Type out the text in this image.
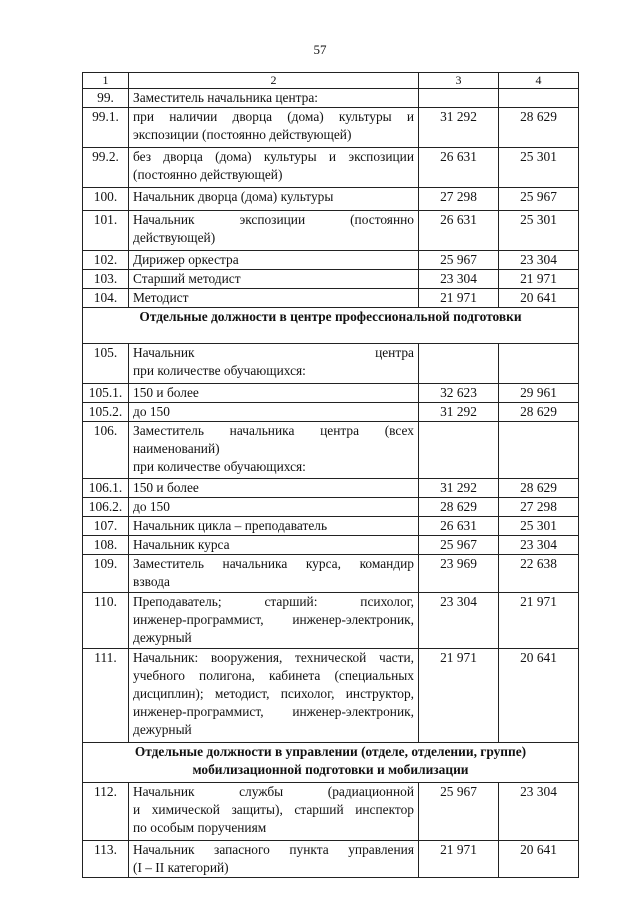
57
1	2	3	4
99.	Заместитель начальника центра:		

99.1.	при наличии дворца (дома) культуры и
экспозиции (постоянно действующей)	31 292	28 629
99.2.	без дворца (дома) культуры и экспозиции
(постоянно действующей)	26 631	25 301
100.	Начальник дворца (дома) культуры	27 298	25 967
101.	Начальник экспозиции (постоянно
действующей)	26 631	25 301
102.	Дирижер оркестра	25 967	23 304
103.	Старший методист	23 304	21 971
104.	Методист	21 971	20 641

Отдельные должности в центре профессиональной подготовки			

105.	Начальник центра
при количестве обучающихся:		

105.1.	150 и более	32 623	29 961
105.2.	до 150	31 292	28 629
106.	Заместитель начальника центра (всех
наименований)
при количестве обучающихся:		

106.1.	150 и более	31 292	28 629
106.2.	до 150	28 629	27 298
107.	Начальник цикла – преподаватель	26 631	25 301
108.	Начальник курса	25 967	23 304
109.	Заместитель начальника курса, командир
взвода	23 969	22 638
110.	Преподаватель; старший: психолог,
инженер-программист, инженер-электроник,
дежурный	23 304	21 971
111.	Начальник: вооружения, технической части,
учебного полигона, кабинета (специальных
дисциплин); методист, психолог, инструктор,
инженер-программист, инженер-электроник,
дежурный	21 971	20 641

Отдельные должности в управлении (отделе, отделении, группе)
мобилизационной подготовки и мобилизации			

112.	Начальник службы (радиационной
и химической защиты), старший инспектор
по особым поручениям	25 967	23 304
113.	Начальник запасного пункта управления
(I – II категорий)	21 971	20 641
